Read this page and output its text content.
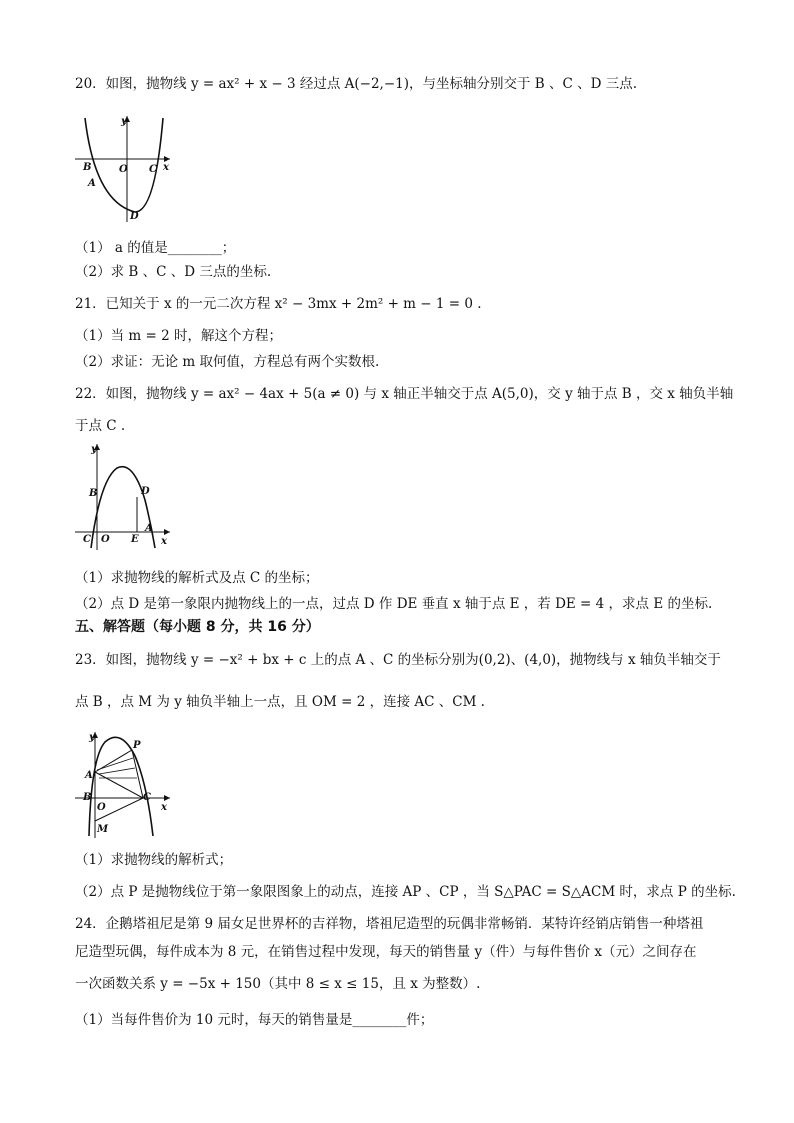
20．如图，抛物线 y = ax² + x − 3 经过点 A(−2,−1)，与坐标轴分别交于 B 、C 、D 三点.
y
x
B	O C
A
D
（1） a 的值是________；
（2）求 B 、C 、D 三点的坐标.
21．已知关于 x 的一元二次方程 x² − 3mx + 2m² + m − 1 = 0 .
（1）当 m = 2 时，解这个方程；
（2）求证：无论 m 取何值，方程总有两个实数根.
22．如图，抛物线 y = ax² − 4ax + 5(a ≠ 0) 与 x 轴正半轴交于点 A(5,0)，交 y 轴于点 B ，交 x 轴负半轴
于点 C .
y
x
B	D
C O E
A
（1）求抛物线的解析式及点 C 的坐标；
（2）点 D 是第一象限内抛物线上的一点，过点 D 作 DE 垂直 x 轴于点 E ，若 DE = 4 ，求点 E 的坐标.
五、解答题（每小题 8 分，共 16 分）
23．如图，抛物线 y = −x² + bx + c 上的点 A 、C 的坐标分别为(0,2)、(4,0)，抛物线与 x 轴负半轴交于
点 B ，点 M 为 y 轴负半轴上一点，且 OM = 2 ，连接 AC 、CM .
y
x
P
A
B
O
C
M
（1）求抛物线的解析式；
（2）点 P 是抛物线位于第一象限图象上的动点，连接 AP 、CP ，当 S△PAC = S△ACM 时，求点 P 的坐标.
24．企鹅塔祖尼是第 9 届女足世界杯的吉祥物，塔祖尼造型的玩偶非常畅销．某特许经销店销售一种塔祖
尼造型玩偶，每件成本为 8 元，在销售过程中发现，每天的销售量 y（件）与每件售价 x（元）之间存在
一次函数关系 y = −5x + 150（其中 8 ≤ x ≤ 15，且 x 为整数）.
（1）当每件售价为 10 元时，每天的销售量是________件；
